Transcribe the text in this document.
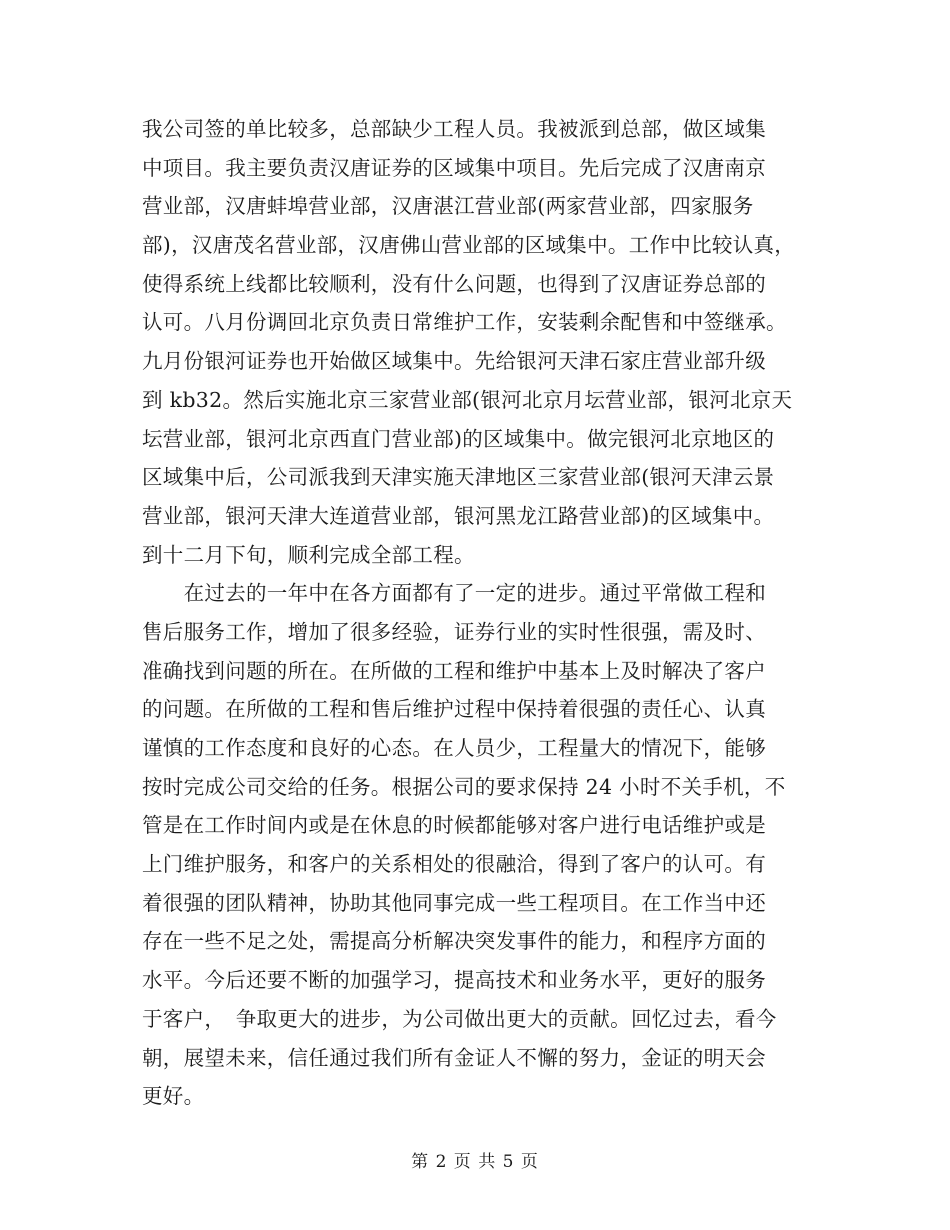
我公司签的单比较多，总部缺少工程人员。我被派到总部，做区域集
中项目。我主要负责汉唐证券的区域集中项目。先后完成了汉唐南京
营业部，汉唐蚌埠营业部，汉唐湛江营业部(两家营业部，四家服务
部)，汉唐茂名营业部，汉唐佛山营业部的区域集中。工作中比较认真，
使得系统上线都比较顺利，没有什么问题，也得到了汉唐证券总部的
认可。八月份调回北京负责日常维护工作，安装剩余配售和中签继承。
九月份银河证券也开始做区域集中。先给银河天津石家庄营业部升级
到 kb32。然后实施北京三家营业部(银河北京月坛营业部，银河北京天
坛营业部，银河北京西直门营业部)的区域集中。做完银河北京地区的
区域集中后，公司派我到天津实施天津地区三家营业部(银河天津云景
营业部，银河天津大连道营业部，银河黑龙江路营业部)的区域集中。
到十二月下旬，顺利完成全部工程。
　　在过去的一年中在各方面都有了一定的进步。通过平常做工程和
售后服务工作，增加了很多经验，证券行业的实时性很强，需及时、
准确找到问题的所在。在所做的工程和维护中基本上及时解决了客户
的问题。在所做的工程和售后维护过程中保持着很强的责任心、认真
谨慎的工作态度和良好的心态。在人员少，工程量大的情况下，能够
按时完成公司交给的任务。根据公司的要求保持 24 小时不关手机，不
管是在工作时间内或是在休息的时候都能够对客户进行电话维护或是
上门维护服务，和客户的关系相处的很融洽，得到了客户的认可。有
着很强的团队精神，协助其他同事完成一些工程项目。在工作当中还
存在一些不足之处，需提高分析解决突发事件的能力，和程序方面的
水平。今后还要不断的加强学习，提高技术和业务水平，更好的服务
于客户，　争取更大的进步，为公司做出更大的贡献。回忆过去，看今
朝，展望未来，信任通过我们所有金证人不懈的努力，金证的明天会
更好。
第 2 页 共 5 页
